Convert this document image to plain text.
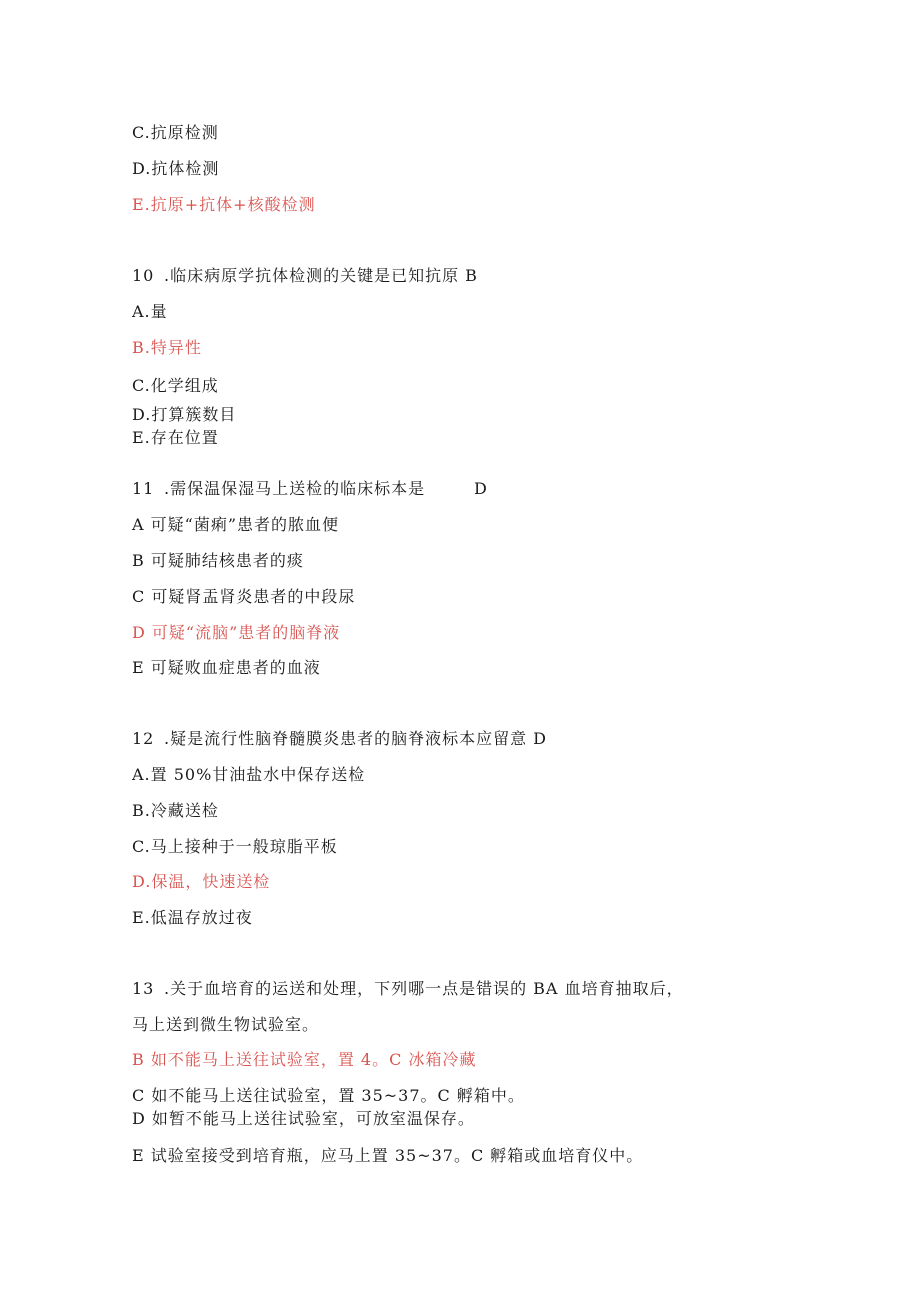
C.抗原检测
D.抗体检测
E.抗原+抗体+核酸检测
10 .临床病原学抗体检测的关键是已知抗原 B
A.量
B.特异性
C.化学组成
D.打算簇数目
E.存在位置
11 .需保温保湿马上送检的临床标本是	D
A 可疑“菌痢”患者的脓血便
B 可疑肺结核患者的痰
C 可疑肾盂肾炎患者的中段尿
D 可疑“流脑”患者的脑脊液
E 可疑败血症患者的血液
12 .疑是流行性脑脊髓膜炎患者的脑脊液标本应留意 D
A.置 50%甘油盐水中保存送检
B.冷藏送检
C.马上接种于一般琼脂平板
D.保温，快速送检
E.低温存放过夜
13 .关于血培育的运送和处理，下列哪一点是错误的 BA 血培育抽取后，
马上送到微生物试验室。
B 如不能马上送往试验室，置 4。C 冰箱冷藏
C 如不能马上送往试验室，置 35~37。C 孵箱中。
D 如暂不能马上送往试验室，可放室温保存。
E 试验室接受到培育瓶，应马上置 35~37。C 孵箱或血培育仪中。
